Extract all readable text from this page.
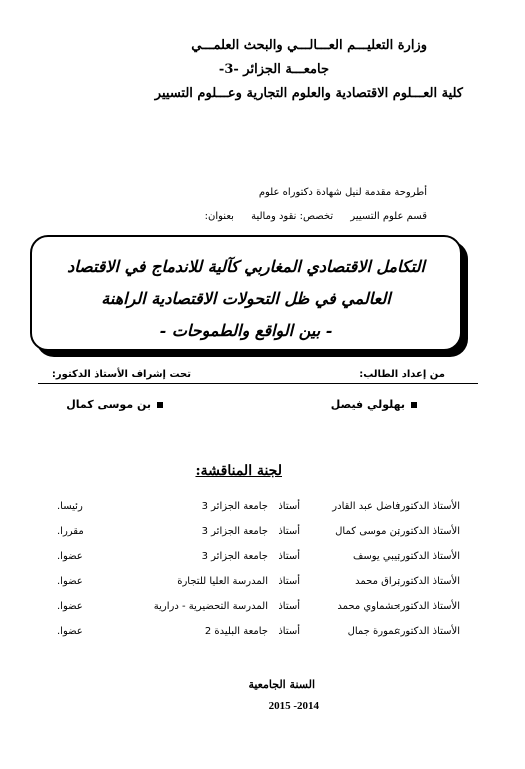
وزارة التعليـــم العـــالـــي والبحث العلمـــي
جامعـــة الجزائر -3-
كلية العـــلوم الاقتصادية والعلوم التجارية وعـــلوم التسيير
أطروحة مقدمة لنيل شهادة دكتوراه علوم
قسم علوم التسيير تخصص: نقود ومالية بعنوان:
التكامل الاقتصادي المغاربي كآلية للاندماج في الاقتصاد
العالمي في ظل التحولات الاقتصادية الراهنة
- بين الواقع والطموحات -
من إعداد الطالب:
تحت إشراف الأستاذ الدكتور:
بهلولي فيصل
بن موسى كمال
لجنة المناقشة:
الأستاذ الدكتور:
فاضل عبد القادر
أستاذ
جامعة الجزائر 3
رئيسا.
الأستاذ الدكتور:
بن موسى كمال
أستاذ
جامعة الجزائر 3
مقررا.
الأستاذ الدكتور:
بيبي يوسف
أستاذ
جامعة الجزائر 3
عضوا.
الأستاذ الدكتور:
براق محمد
أستاذ
المدرسة العليا للتجارة
عضوا.
الأستاذ الدكتور:
حشماوي محمد
أستاذ
المدرسة التحضيرية - درارية
عضوا.
الأستاذ الدكتور:
عمورة جمال
أستاذ
جامعة البليدة 2
عضوا.
السنة الجامعية
2015 -2014
